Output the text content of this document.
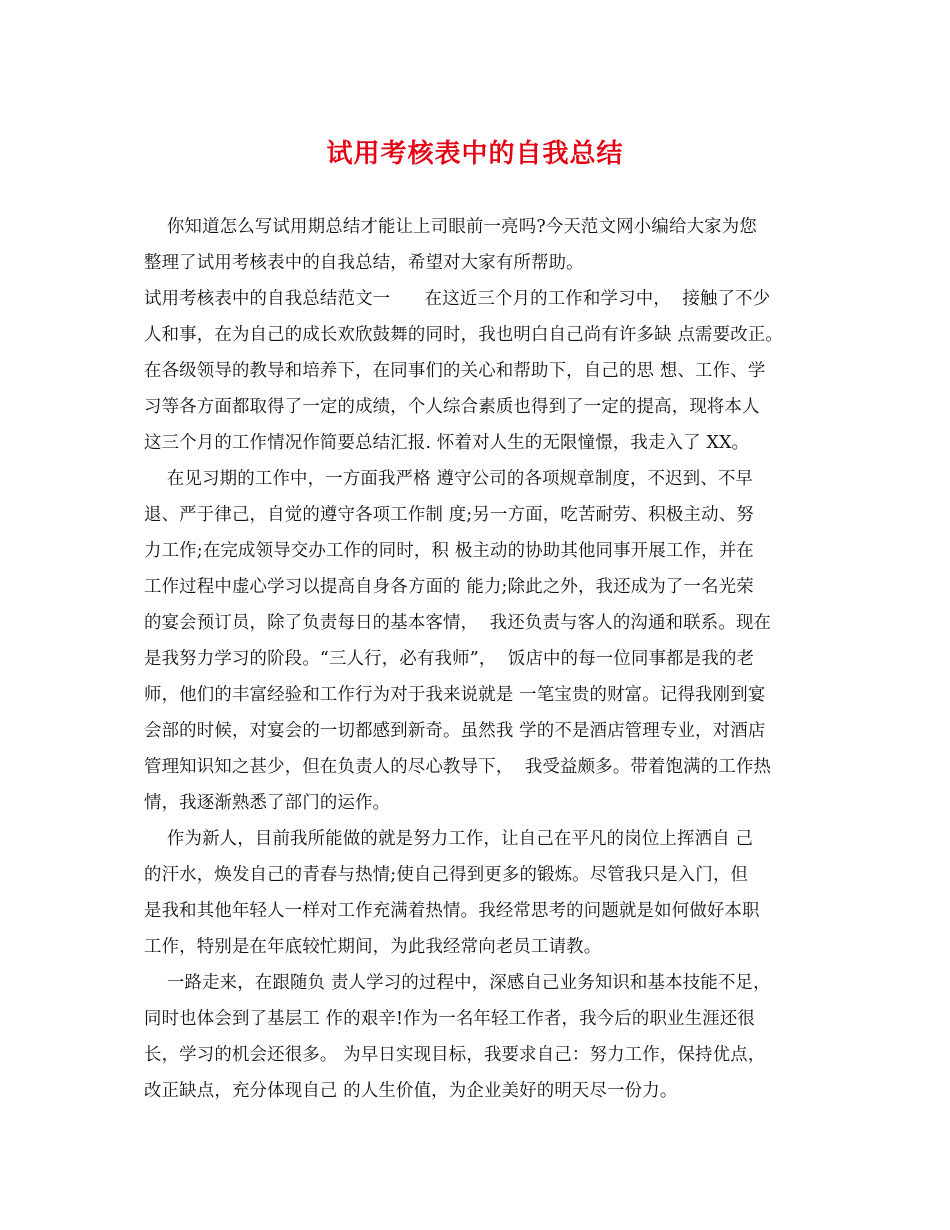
试用考核表中的自我总结
你知道怎么写试用期总结才能让上司眼前一亮吗?今天范文网小编给大家为您
整理了试用考核表中的自我总结，希望对大家有所帮助。
试用考核表中的自我总结范文一      在这近三个月的工作和学习中，  接触了不少
人和事，在为自己的成长欢欣鼓舞的同时，我也明白自己尚有许多缺 点需要改正。
在各级领导的教导和培养下，在同事们的关心和帮助下，自己的思 想、工作、学
习等各方面都取得了一定的成绩，个人综合素质也得到了一定的提高，现将本人
这三个月的工作情况作简要总结汇报. 怀着对人生的无限憧憬，我走入了 XX。
在见习期的工作中，一方面我严格 遵守公司的各项规章制度，不迟到、不早
退、严于律己，自觉的遵守各项工作制 度;另一方面，吃苦耐劳、积极主动、努
力工作;在完成领导交办工作的同时，积 极主动的协助其他同事开展工作，并在
工作过程中虚心学习以提高自身各方面的 能力;除此之外，我还成为了一名光荣
的宴会预订员，除了负责每日的基本客情，  我还负责与客人的沟通和联系。现在
是我努力学习的阶段。“三人行，必有我师”，  饭店中的每一位同事都是我的老
师，他们的丰富经验和工作行为对于我来说就是 一笔宝贵的财富。记得我刚到宴
会部的时候，对宴会的一切都感到新奇。虽然我 学的不是酒店管理专业，对酒店
管理知识知之甚少，但在负责人的尽心教导下，  我受益颇多。带着饱满的工作热
情，我逐渐熟悉了部门的运作。
作为新人，目前我所能做的就是努力工作，让自己在平凡的岗位上挥洒自 己
的汗水，焕发自己的青春与热情;使自己得到更多的锻炼。尽管我只是入门，但
是我和其他年轻人一样对工作充满着热情。我经常思考的问题就是如何做好本职
工作，特别是在年底较忙期间，为此我经常向老员工请教。
一路走来，在跟随负 责人学习的过程中，深感自己业务知识和基本技能不足，
同时也体会到了基层工 作的艰辛!作为一名年轻工作者，我今后的职业生涯还很
长，学习的机会还很多。 为早日实现目标，我要求自己：努力工作，保持优点，
改正缺点，充分体现自己 的人生价值，为企业美好的明天尽一份力。
